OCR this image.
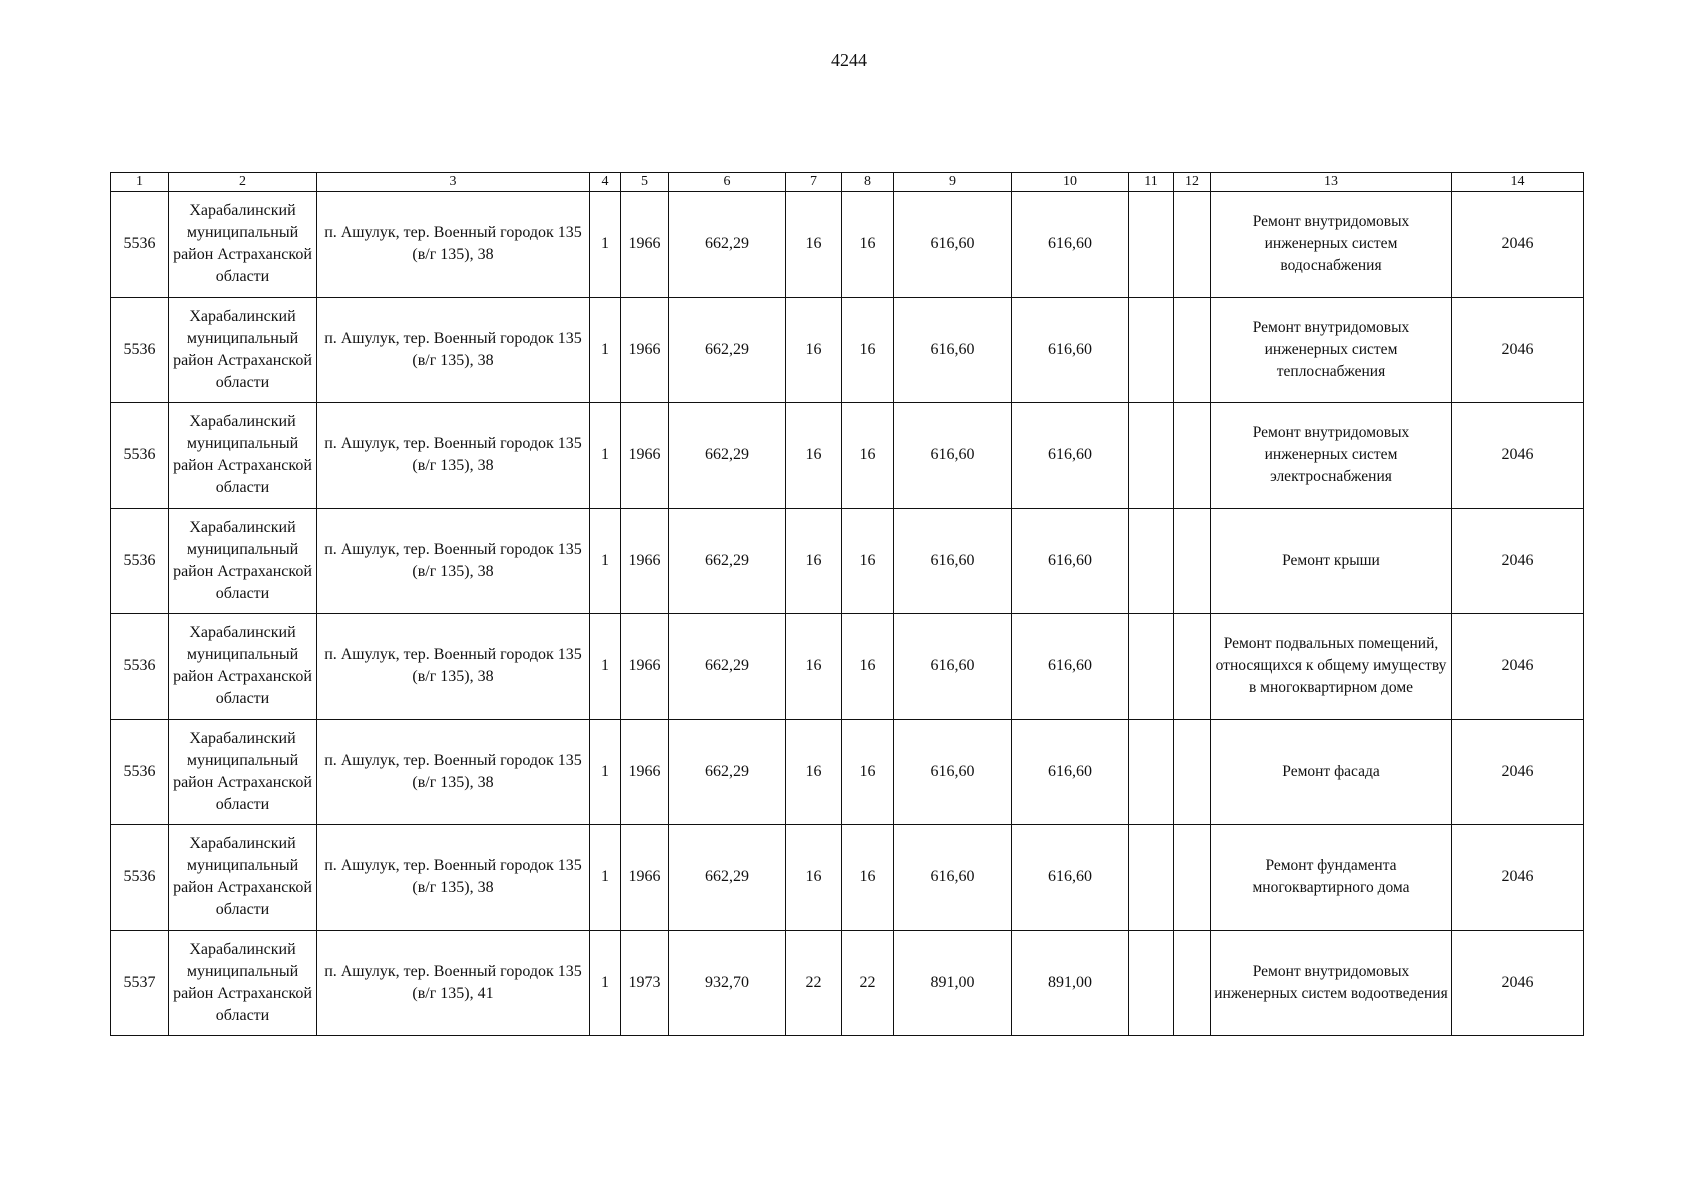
4244
1	2	3	4	5	6	7	8	9	10	11	12	13	14
5536	Харабалинский муниципальный район Астраханской области	п. Ашулук, тер. Военный городок 135 (в/г 135), 38	1	1966	662,29	16	16	616,60	616,60			Ремонт внутридомовых инженерных систем водоснабжения	2046
5536	Харабалинский муниципальный район Астраханской области	п. Ашулук, тер. Военный городок 135 (в/г 135), 38	1	1966	662,29	16	16	616,60	616,60			Ремонт внутридомовых инженерных систем теплоснабжения	2046
5536	Харабалинский муниципальный район Астраханской области	п. Ашулук, тер. Военный городок 135 (в/г 135), 38	1	1966	662,29	16	16	616,60	616,60			Ремонт внутридомовых инженерных систем электроснабжения	2046
5536	Харабалинский муниципальный район Астраханской области	п. Ашулук, тер. Военный городок 135 (в/г 135), 38	1	1966	662,29	16	16	616,60	616,60			Ремонт крыши	2046
5536	Харабалинский муниципальный район Астраханской области	п. Ашулук, тер. Военный городок 135 (в/г 135), 38	1	1966	662,29	16	16	616,60	616,60			Ремонт подвальных помещений, относящихся к общему имуществу в многоквартирном доме	2046
5536	Харабалинский муниципальный район Астраханской области	п. Ашулук, тер. Военный городок 135 (в/г 135), 38	1	1966	662,29	16	16	616,60	616,60			Ремонт фасада	2046
5536	Харабалинский муниципальный район Астраханской области	п. Ашулук, тер. Военный городок 135 (в/г 135), 38	1	1966	662,29	16	16	616,60	616,60			Ремонт фундамента многоквартирного дома	2046
5537	Харабалинский муниципальный район Астраханской области	п. Ашулук, тер. Военный городок 135 (в/г 135), 41	1	1973	932,70	22	22	891,00	891,00			Ремонт внутридомовых инженерных систем водоотведения	2046
